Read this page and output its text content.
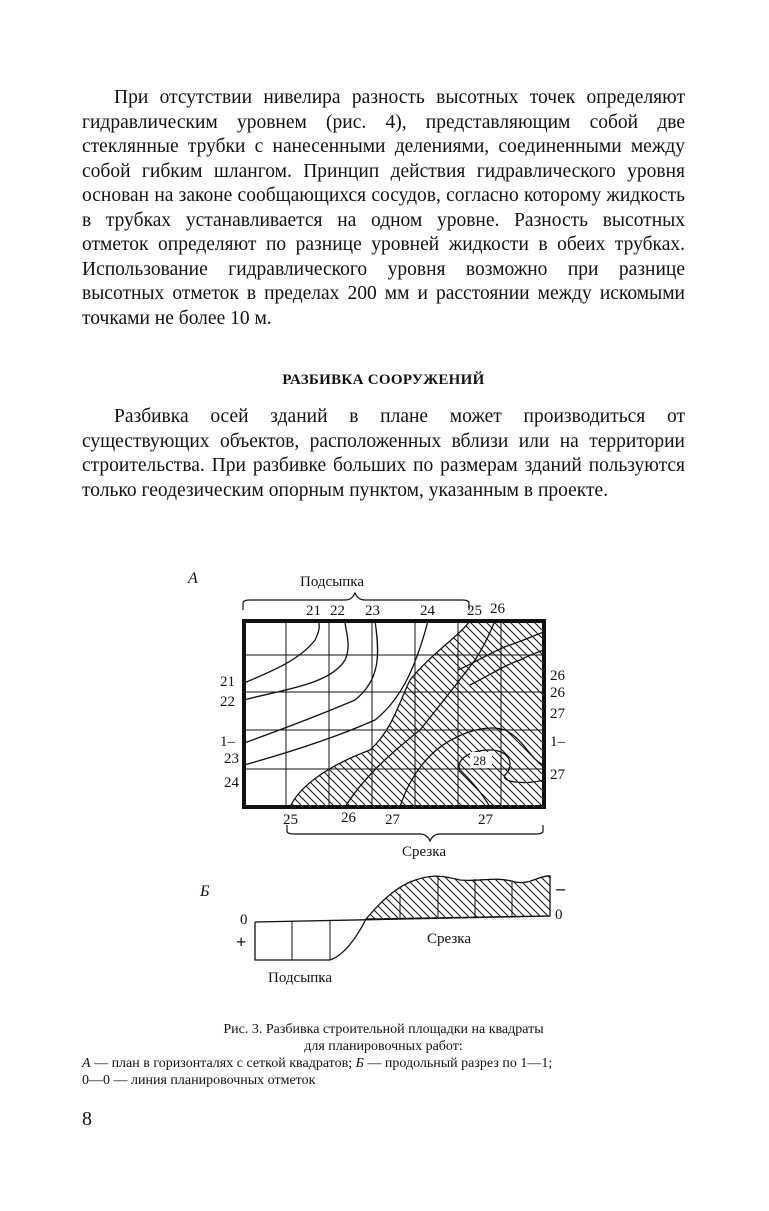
При отсутствии нивелира разность высотных точек определяют гидравлическим уровнем (рис. 4), представляющим собой две стеклянные трубки с нанесенными делениями, соединенными между собой гибким шлангом. Принцип действия гидравлического уровня основан на законе сообщающихся сосудов, согласно которому жидкость в трубках устанавливается на одном уровне. Разность высотных отметок определяют по разнице уровней жидкости в обеих трубках. Использование гидравлического уровня возможно при разнице высотных отметок в пределах 200 мм и расстоянии между искомыми точками не более 10 м.

РАЗБИВКА СООРУЖЕНИЙ

Разбивка осей зданий в плане может производиться от существующих объектов, расположенных вблизи или на территории строительства. При разбивке больших по размерам зданий пользуются только геодезическим опорным пунктом, указанным в проекте.

А	Подсыпка
28
21 22 23	24 25 26
21
22
1–
23
24
26
26
27
1–
27
25	26 27	27
Срезка
Б
0	0
+
–
Срезка
Подсыпка
Рис. 3. Разбивка строительной площадки на квадраты
для планировочных работ:
А — план в горизонталях с сеткой квадратов; Б — продольный разрез по 1—1;
0—0 — линия планировочных отметок
8
